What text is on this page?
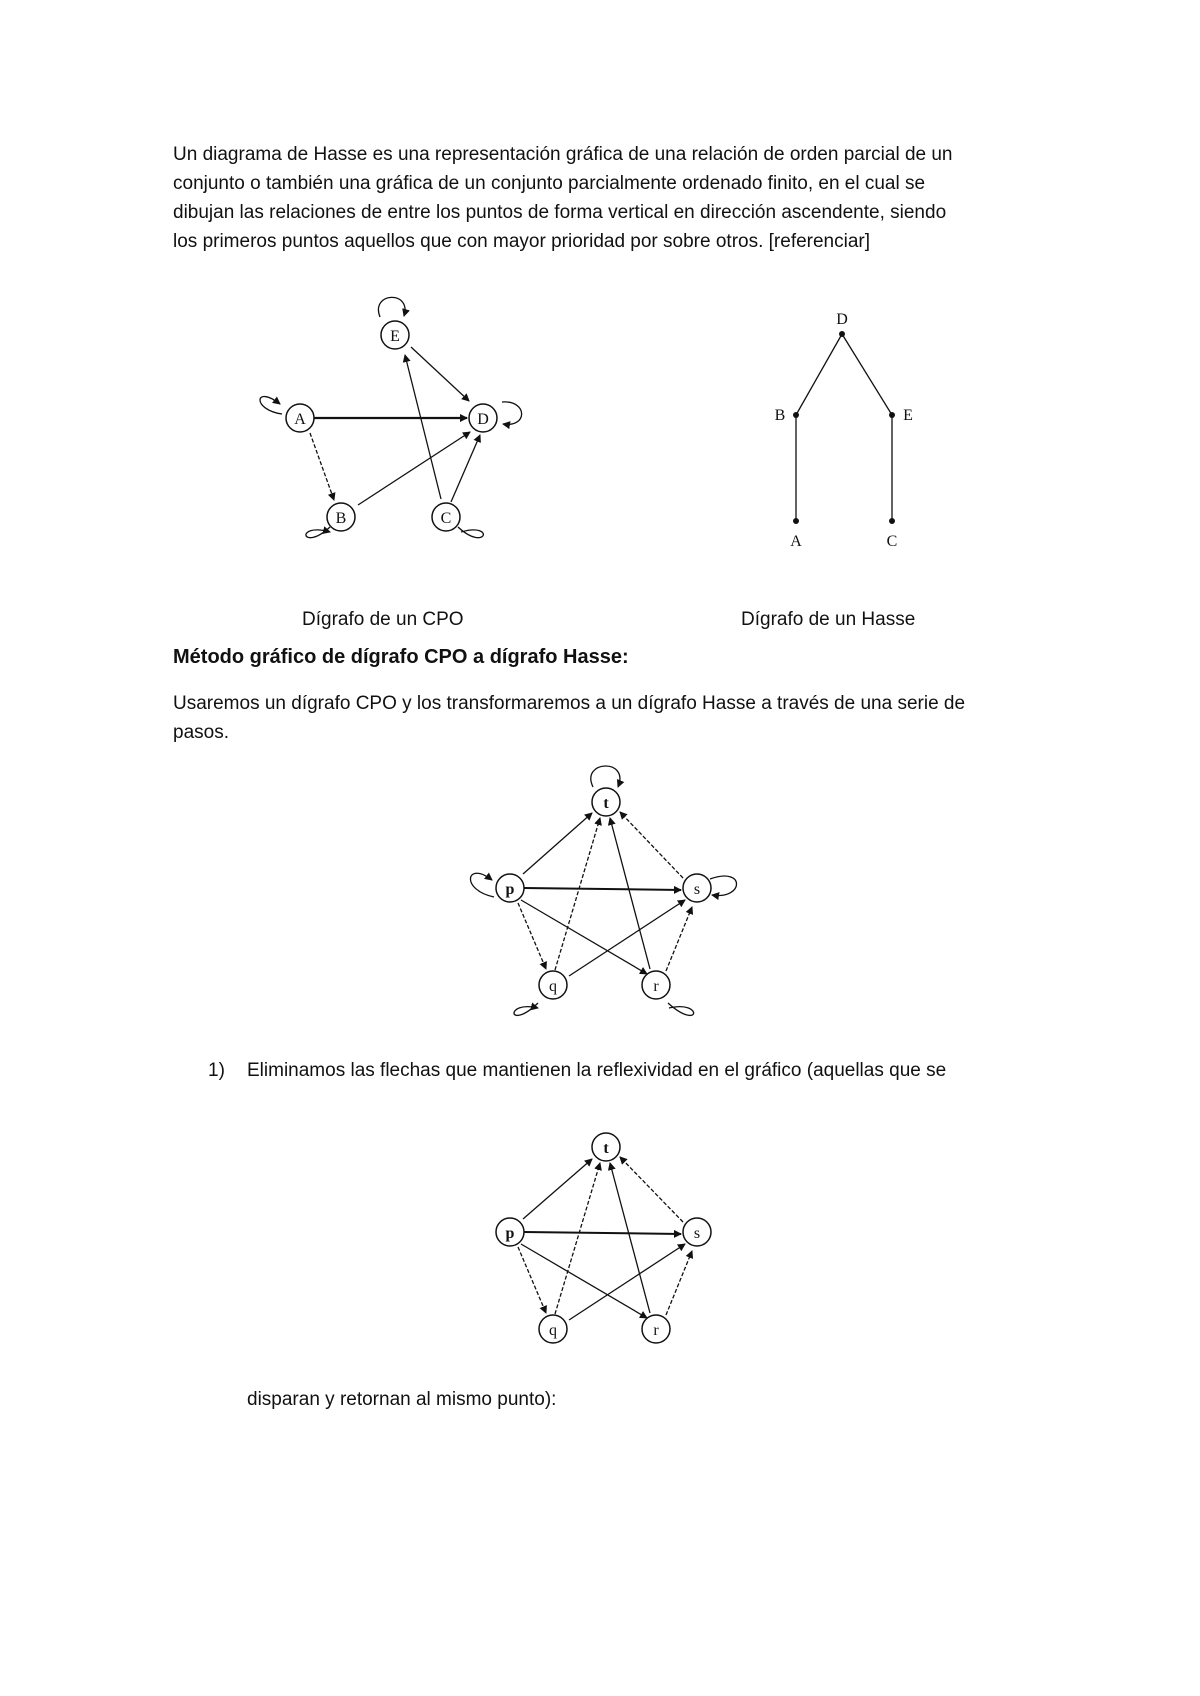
Un diagrama de Hasse es una representación gráfica de una relación de orden parcial de un
conjunto o también una gráfica de un conjunto parcialmente ordenado finito, en el cual se
dibujan las relaciones de entre los puntos de forma vertical en dirección ascendente, siendo
los primeros puntos aquellos que con mayor prioridad por sobre otros. [referenciar]
E
A	D
B	C
D
B	E
A	C
Dígrafo de un CPO	Dígrafo de un Hasse
Método gráfico de dígrafo CPO a dígrafo Hasse:
Usaremos un dígrafo CPO y los transformaremos a un dígrafo Hasse a través de una serie de
pasos.
t
p	s
q	r
1) Eliminamos las flechas que mantienen la reflexividad en el gráfico (aquellas que se
t
p	s
q	r
disparan y retornan al mismo punto):
